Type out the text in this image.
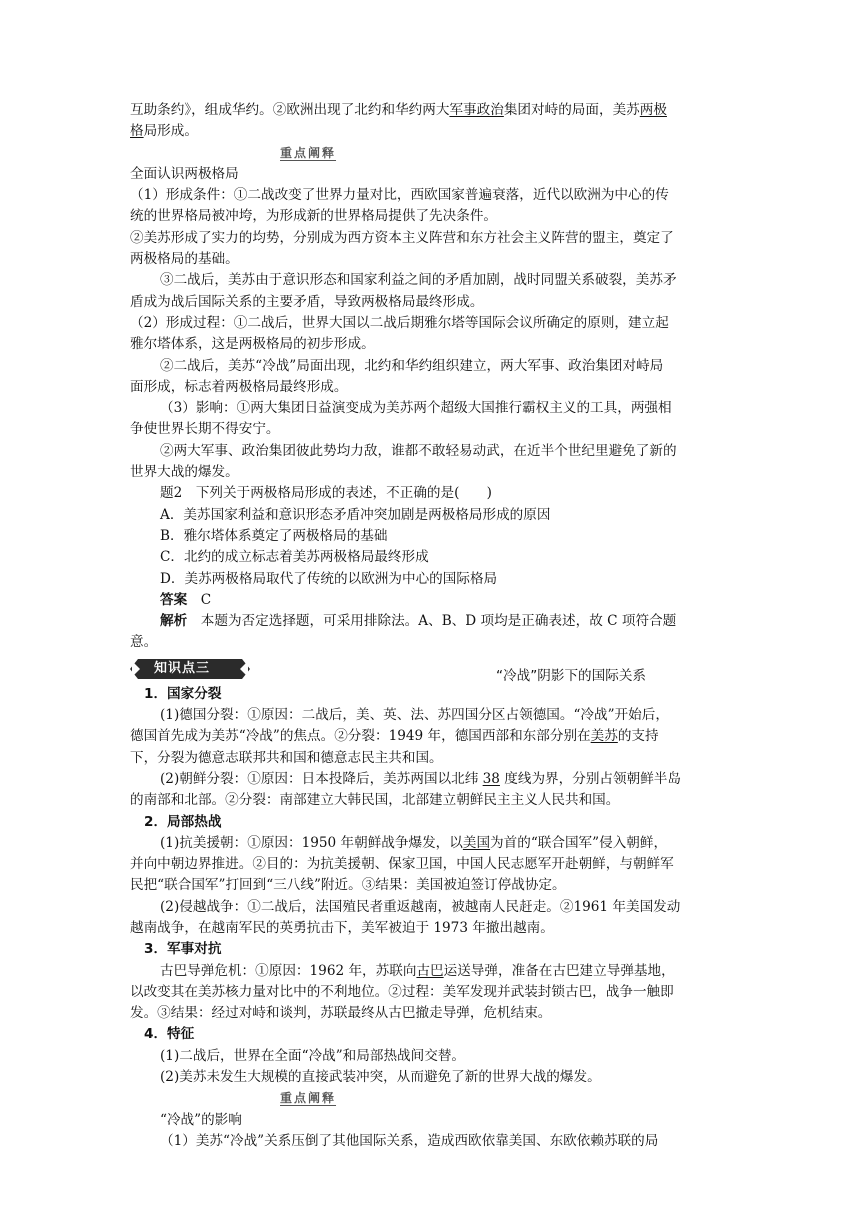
互助条约》，组成华约。②欧洲出现了北约和华约两大军事政治集团对峙的局面，美苏两极
格局形成。
重点阐释
全面认识两极格局
（1）形成条件：①二战改变了世界力量对比，西欧国家普遍衰落，近代以欧洲为中心的传
统的世界格局被冲垮，为形成新的世界格局提供了先决条件。
②美苏形成了实力的均势，分别成为西方资本主义阵营和东方社会主义阵营的盟主，奠定了
两极格局的基础。
③二战后，美苏由于意识形态和国家利益之间的矛盾加剧，战时同盟关系破裂，美苏矛
盾成为战后国际关系的主要矛盾，导致两极格局最终形成。
（2）形成过程：①二战后，世界大国以二战后期雅尔塔等国际会议所确定的原则，建立起
雅尔塔体系，这是两极格局的初步形成。
②二战后，美苏“冷战”局面出现，北约和华约组织建立，两大军事、政治集团对峙局
面形成，标志着两极格局最终形成。
（3）影响：①两大集团日益演变成为美苏两个超级大国推行霸权主义的工具，两强相
争使世界长期不得安宁。
②两大军事、政治集团彼此势均力敌，谁都不敢轻易动武，在近半个世纪里避免了新的
世界大战的爆发。
题2　下列关于两极格局形成的表述，不正确的是(　　)
A．美苏国家利益和意识形态矛盾冲突加剧是两极格局形成的原因
B．雅尔塔体系奠定了两极格局的基础
C．北约的成立标志着美苏两极格局最终形成
D．美苏两极格局取代了传统的以欧洲为中心的国际格局
答案　 C
解析　 本题为否定选择题，可采用排除法。A、B、D 项均是正确表述，故 C 项符合题
意。
知识点三	“冷战”阴影下的国际关系
1．国家分裂
(1)德国分裂：①原因：二战后，美、英、法、苏四国分区占领德国。“冷战”开始后，
德国首先成为美苏“冷战”的焦点。②分裂：1949 年，德国西部和东部分别在美苏的支持
下，分裂为德意志联邦共和国和德意志民主共和国。
(2)朝鲜分裂：①原因：日本投降后，美苏两国以北纬 38 度线为界，分别占领朝鲜半岛
的南部和北部。②分裂：南部建立大韩民国，北部建立朝鲜民主主义人民共和国。
2．局部热战
(1)抗美援朝：①原因：1950 年朝鲜战争爆发，以美国为首的“联合国军”侵入朝鲜，
并向中朝边界推进。②目的：为抗美援朝、保家卫国，中国人民志愿军开赴朝鲜，与朝鲜军
民把“联合国军”打回到“三八线”附近。③结果：美国被迫签订停战协定。
(2)侵越战争：①二战后，法国殖民者重返越南，被越南人民赶走。②1961 年美国发动
越南战争，在越南军民的英勇抗击下，美军被迫于 1973 年撤出越南。
3．军事对抗
古巴导弹危机：①原因：1962 年，苏联向古巴运送导弹，准备在古巴建立导弹基地，
以改变其在美苏核力量对比中的不利地位。②过程：美军发现并武装封锁古巴，战争一触即
发。③结果：经过对峙和谈判，苏联最终从古巴撤走导弹，危机结束。
4．特征
(1)二战后，世界在全面“冷战”和局部热战间交替。
(2)美苏未发生大规模的直接武装冲突，从而避免了新的世界大战的爆发。
重点阐释
“冷战”的影响
（1）美苏“冷战”关系压倒了其他国际关系，造成西欧依靠美国、东欧依赖苏联的局
